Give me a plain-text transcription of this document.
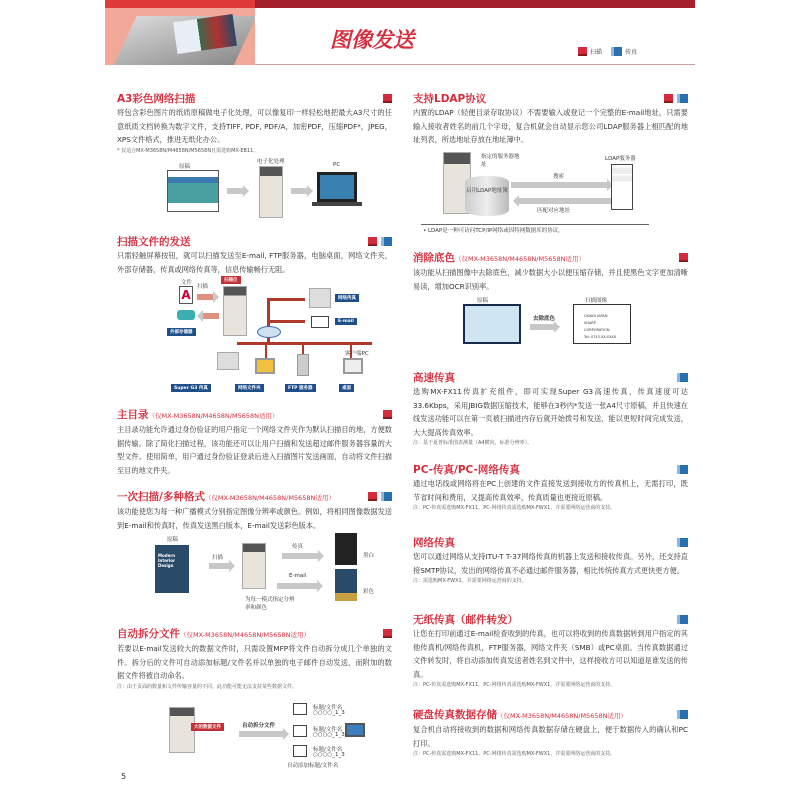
图像发送
扫描	传真
A3彩色网络扫描

将包含彩色图片的纸质原稿做电子化处理，可以像复印一样轻松地把最大A3尺寸的任意纸质文档转换为数字文件，支持TIFF, PDF, PDF/A，加密PDF，压缩PDF*，JPEG，XPS文件格式，推进无纸化办公。

* 仅适合MX-M3658N/M4658N/M5658N且需选购MX-EB11。
原稿
电子化处理	PC
扫描文件的发送

只需轻触屏幕按钮，就可以扫描发送至E-mail, FTP服务器，电脑桌面，网络文件夹，外部存储器，传真或网络传真等，信息传输畅行无阻。

文件
A
扫描
外部存储器
扫描仪
网络传真
E-mail
客户端PC
Super G3 传真	网络文件夹	FTP 服务器	桌面
主目录（仅MX-M3658N/M4658N/M5658N适用）

主目录功能允许通过身份验证的用户指定一个网络文件夹作为默认扫描目的地，方便数据传输。除了简化扫描过程，该功能还可以让用户扫描和发送超过邮件服务器容量的大型文件。使用简单，用户通过身份验证登录后进入扫描图片发送画面，自动将文件扫描至目的地文件夹。

一次扫描/多种格式（仅MX-M3658N/M4658N/M5658N适用）

该功能使您为每一种广播模式分别指定图像分辨率或颜色。例如，将相同图像数据发送到E-mail和传真时，传真发送黑白版本，E-mail发送彩色版本。

原稿
Modern Interior Design
扫描
为每一模式指定分辨率和颜色
传真
E-mail
黑白
彩色
自动拆分文件（仅MX-M3658N/M4658N/M5658N适用）

若要以E-mail发送较大的数据文件时，只需设置MFP将文件自动拆分成几个单独的文件。拆分后的文件可自动添加标题/文件名并以单独的电子邮件自动发送，而附加的数据文件将被自动命名。

注：由于页面的数量和文件传输容量的不同，此功能可能无法支持某些数据文件。
大的数据文件	自动拆分文件
标题/文件名
○○○○_1_3
标题/文件名
○○○○_1_3
标题/文件名
○○○○_1_3
自动添加标题/文件名
支持LDAP协议

内置的LDAP（轻便目录存取协议）不需要输入或登记一个完整的E-mail地址，只需要输入接收者姓名的前几个字母，复合机就会自动显示您公司LDAP服务器上相匹配的地址列表，所选地址存放在地址簿中。

启用LDAP地址簿
指定的服务器地址
搜索
匹配对应地址
LDAP服务器
• LDAP是一种可访问TCP/IP网络或因特网数据库的协议。
消除底色（仅MX-M3658N/M4658N/M5658N适用）

该功能从扫描图像中去除底色，减少数据大小以便压缩存储，并且使黑色文字更加清晰易读，增加OCR识别率。

原稿
去除底色
扫描图像
OSAKA JAPAN
SHARP CORPORATION
Tel: 0743-XX-XXXX
高速传真

选购MX-FX11传真扩充组件，即可实现Super G3高速传真，传真速度可达33.6Kbps，采用JBIG数据压缩技术，能够在3秒内*发送一张A4尺寸原稿，并且快速在线发送功能可以在第一页被扫描进内存后就开始拨号和发送，能以更短时间完成发送，大大提高传真效率。

注：基于夏普标准图表测量（A4横向，标准分辨率）。
PC-传真/PC-网络传真

通过电话线或网络将在PC上创建的文件直接发送到接收方的传真机上，无需打印，既节省时间和费用，又提高传真效率，传真质量也更接近原稿。

注：PC-传真需选购MX-FX11，PC-网络传真需选购MX-FWX1，并需要网络运营商的支持。
网络传真

您可以通过网络从支持ITU-T T-37网络传真的机器上发送和接收传真。另外，还支持直接SMTP协议，发出的网络传真不必通过邮件服务器，相比传统传真方式更快更方便。

注：需选购MX-FWX1，并需要网络运营商的支持。
无纸传真（邮件转发）

让您在打印前通过E-mail检查收到的传真，也可以将收到的传真数据转到用户指定的其他传真机/网络传真机，FTP服务器，网络文件夹（SMB）或PC桌面。当传真数据通过文件转发时，将自动添加传真发送者姓名到文件中，这样接收方可以知道是谁发送的传真。

注：PC-传真需选购MX-FX11，PC-网络传真需选购MX-FWX1，并需要网络运营商的支持。
硬盘传真数据存储（仅MX-M3658N/M4658N/M5658N适用）

复合机自动将接收到的数据和网络传真数据存储在硬盘上，便于数据传入的确认和PC打印。

注：PC-传真需选购MX-FX11，PC-网络传真需选购MX-FWX1，并需要网络运营商的支持。
5
